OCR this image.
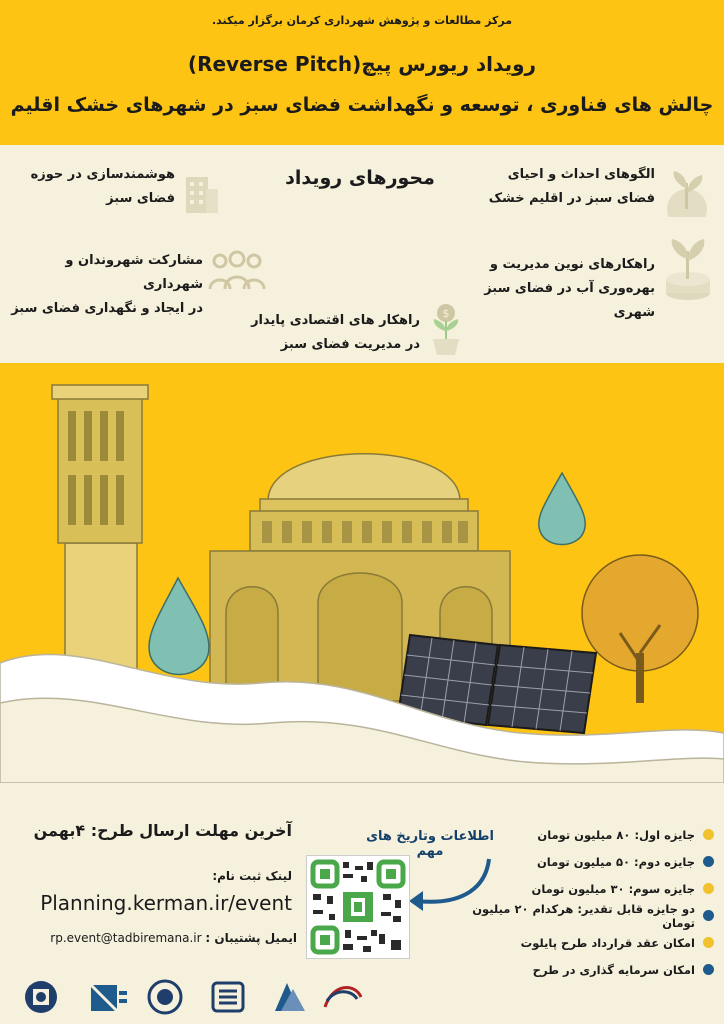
مرکز مطالعات و پژوهش شهرداری کرمان برگزار میکند.
رویداد ریورس پیچ(Reverse Pitch)
چالش های فناوری ، توسعه و نگهداشت فضای سبز در شهرهای خشک اقلیم
محورهای رویداد
هوشمندسازی در حوزه
فضای سبز
الگوهای احداث و احیای
فضای سبز در اقلیم خشک
مشارکت شهروندان و شهرداری
در ایجاد و نگهداری فضای سبز
راهکارهای نوین مدیریت و
بهره‌وری آب در فضای سبز شهری
راهکار های اقتصادی پایدار
در مدیریت فضای سبز
$
آخرین مهلت ارسال طرح: ۴بهمن
لینک ثبت نام:
Planning.kerman.ir/event
ایمیل پشتیبان : rp.event@tadbiremana.ir
اطلاعات وتاریخ های مهم
جایزه اول: ۸۰ میلیون تومان
جایزه دوم: ۵۰ میلیون تومان
جایزه سوم: ۳۰ میلیون تومان
دو جایزه قابل تقدیر: هرکدام ۲۰ میلیون تومان
امکان عقد قرارداد طرح پایلوت
امکان سرمایه گذاری در طرح
